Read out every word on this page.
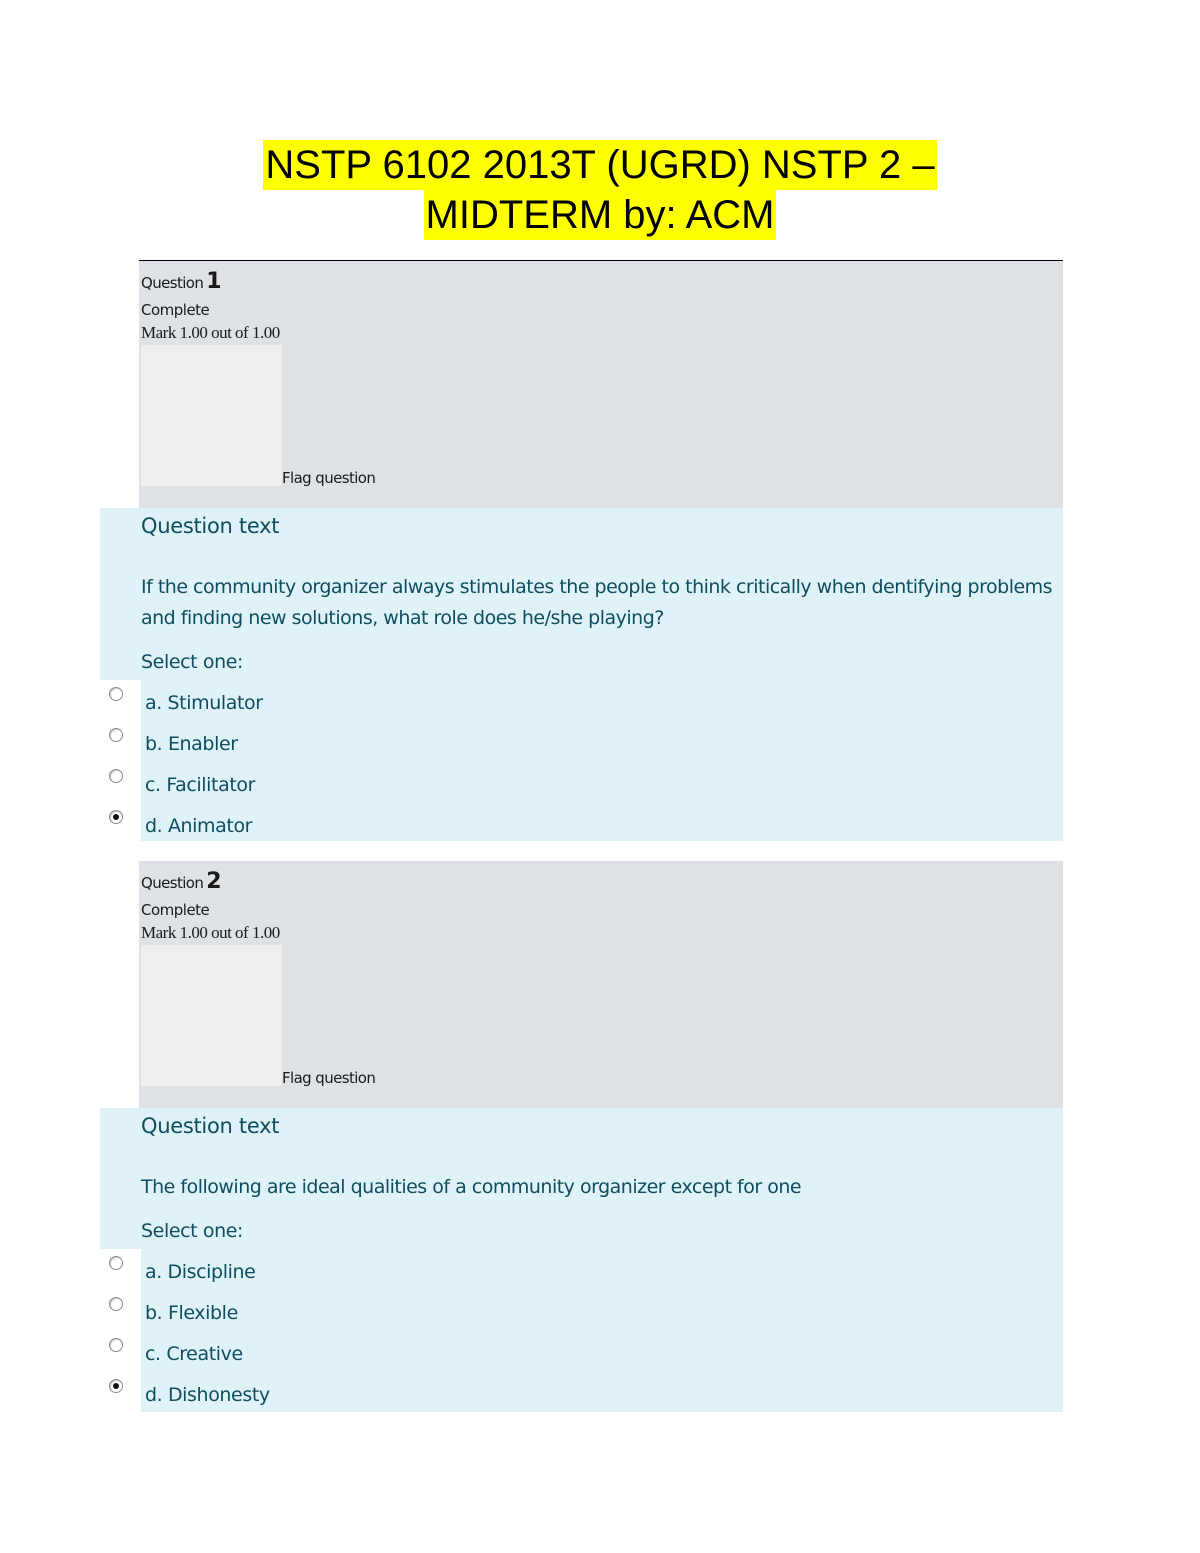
NSTP 6102 2013T (UGRD) NSTP 2 –
MIDTERM by: ACM
Question 1
Complete
Mark 1.00 out of 1.00
Flag question
Question text
If the community organizer always stimulates the people to think critically when dentifying problems and finding new solutions, what role does he/she playing?
Select one:
a. Stimulator
b. Enabler
c. Facilitator
d. Animator
Question 2
Complete
Mark 1.00 out of 1.00
Flag question
Question text
The following are ideal qualities of a community organizer except for one
Select one:
a. Discipline
b. Flexible
c. Creative
d. Dishonesty
